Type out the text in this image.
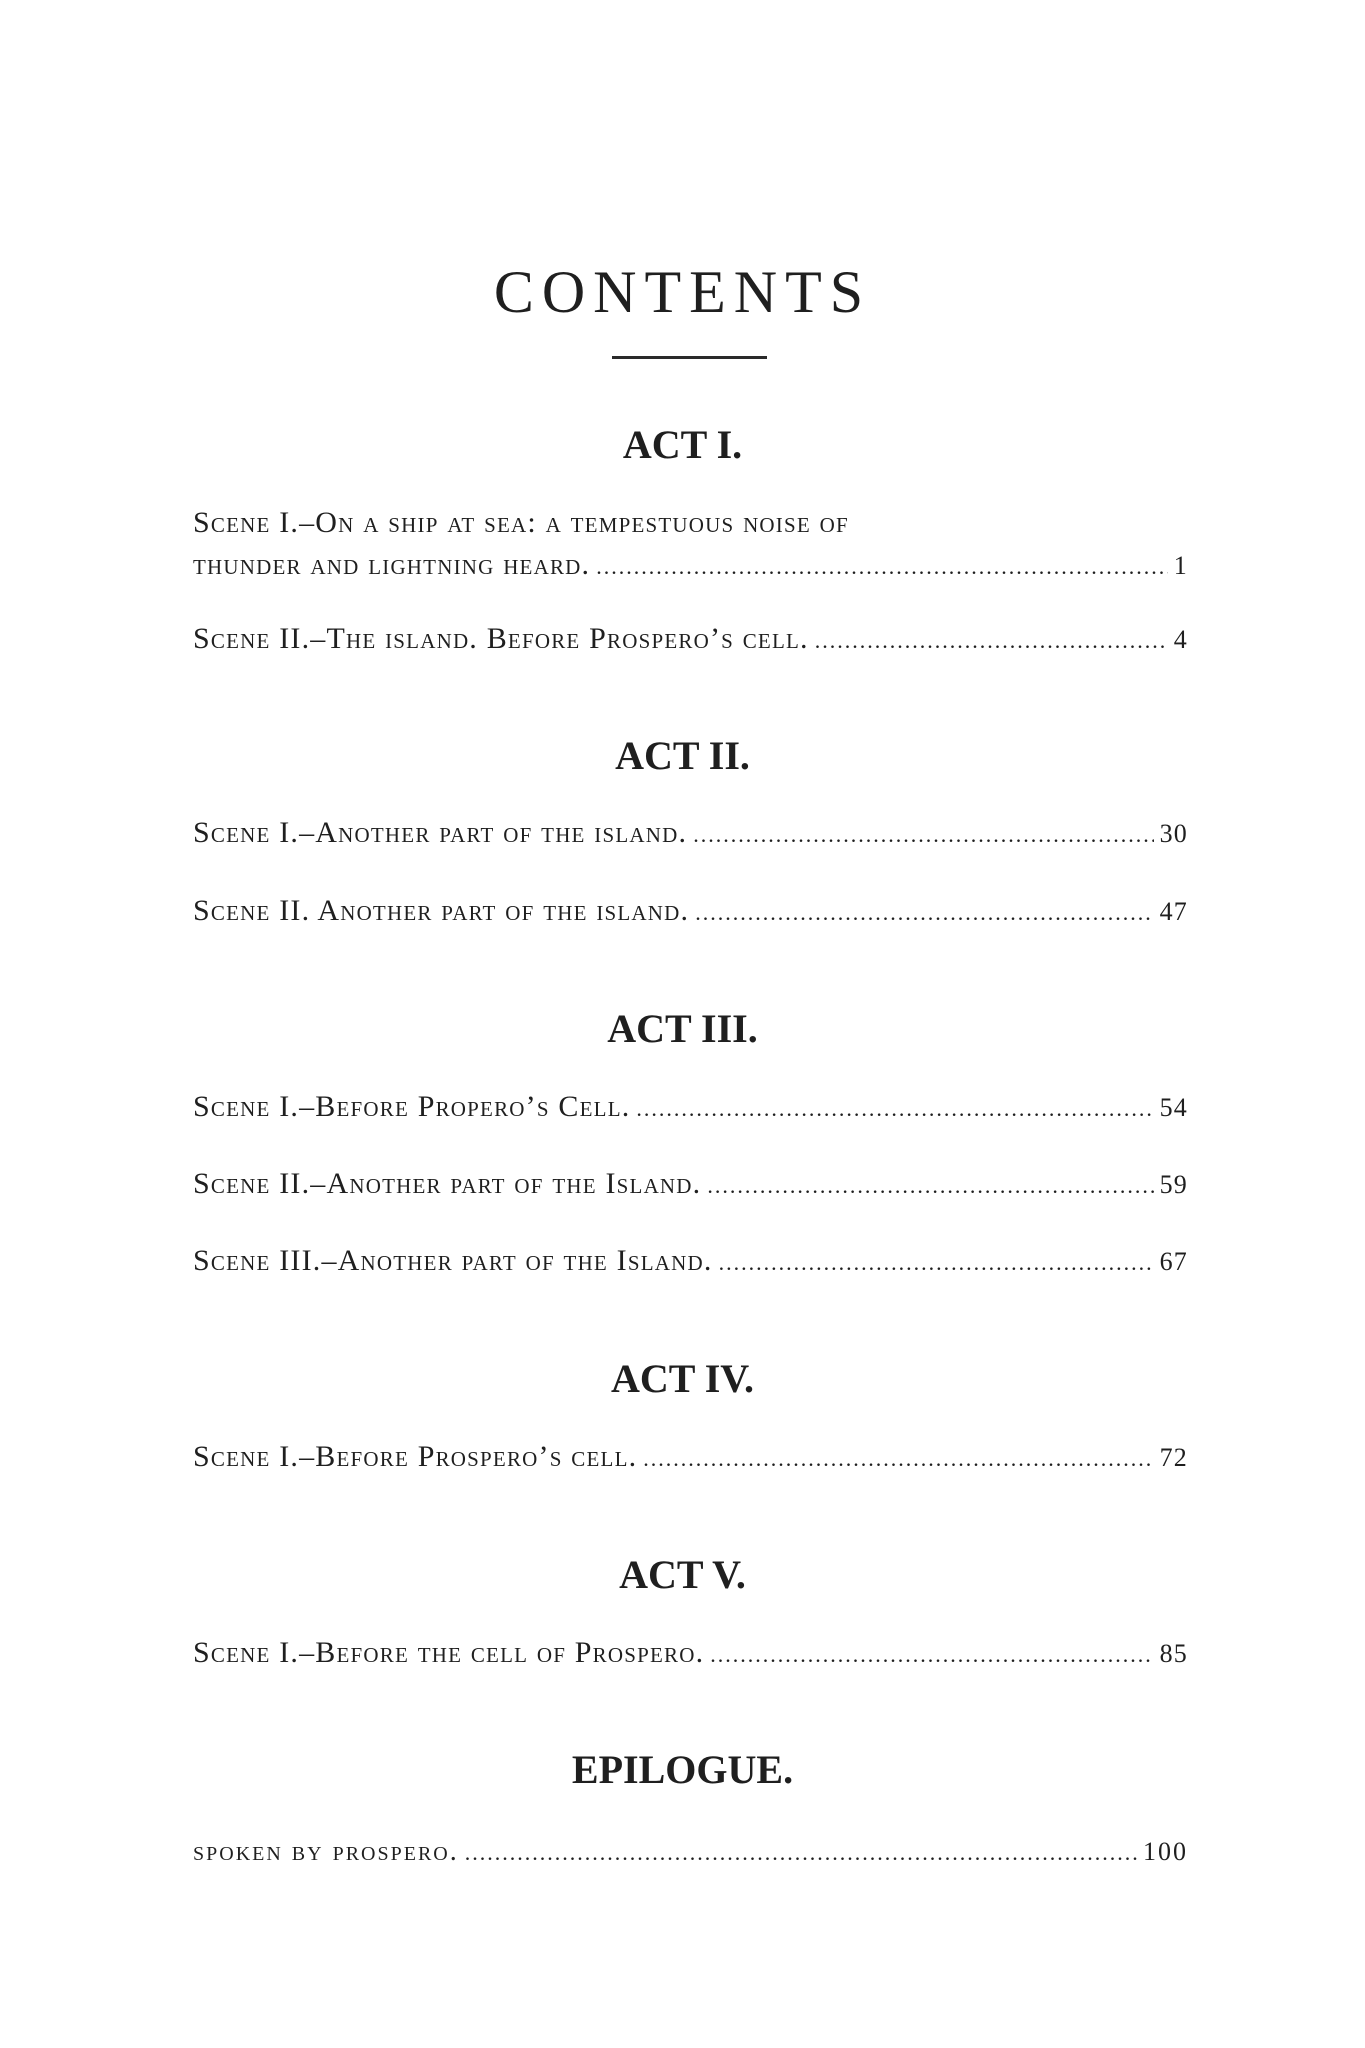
CONTENTS
ACT I.
Scene I.–On a ship at sea: a tempestuous noise of
thunder and lightning heard. .....	1
Scene II.–The island. Before Prospero’s cell. .....	4
ACT II.
Scene I.–Another part of the island. .....	30
Scene II. Another part of the island. .....	47
ACT III.
Scene I.–Before Propero’s Cell. .....	54
Scene II.–Another part of the Island. .....	59
Scene III.–Another part of the Island. .....	67
ACT IV.
Scene I.–Before Prospero’s cell. .....	72
ACT V.
Scene I.–Before the cell of Prospero. .....	85
EPILOGUE.
spoken by prospero. .....	100
